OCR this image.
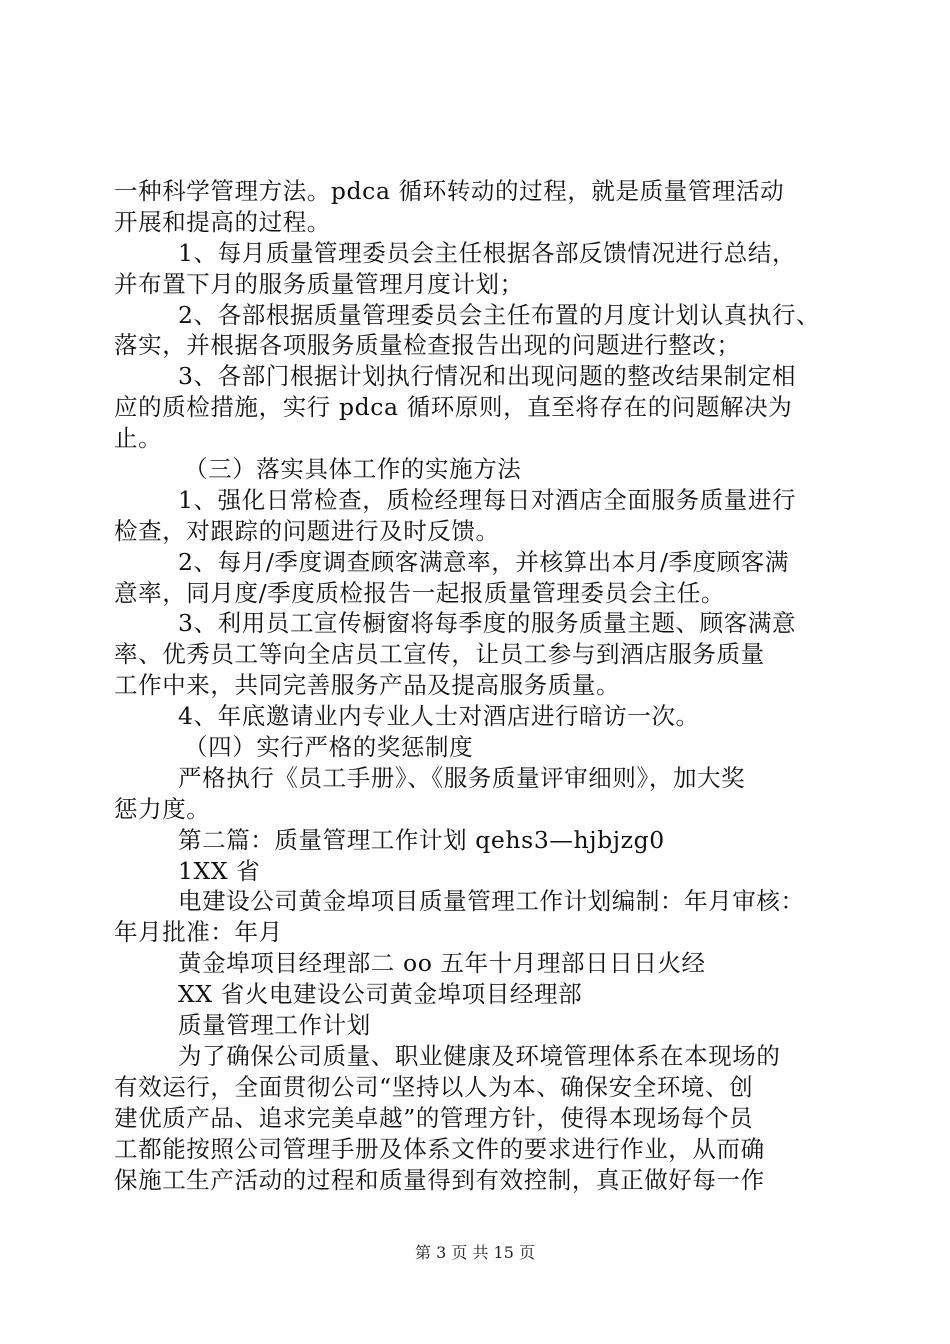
一种科学管理方法。pdca 循环转动的过程，就是质量管理活动
开展和提高的过程。
1、每月质量管理委员会主任根据各部反馈情况进行总结，
并布置下月的服务质量管理月度计划；
2、各部根据质量管理委员会主任布置的月度计划认真执行、
落实，并根据各项服务质量检查报告出现的问题进行整改；
3、各部门根据计划执行情况和出现问题的整改结果制定相
应的质检措施，实行 pdca 循环原则，直至将存在的问题解决为
止。
（三）落实具体工作的实施方法
1、强化日常检查，质检经理每日对酒店全面服务质量进行
检查，对跟踪的问题进行及时反馈。
2、每月/季度调查顾客满意率，并核算出本月/季度顾客满
意率，同月度/季度质检报告一起报质量管理委员会主任。
3、利用员工宣传橱窗将每季度的服务质量主题、顾客满意
率、优秀员工等向全店员工宣传，让员工参与到酒店服务质量
工作中来，共同完善服务产品及提高服务质量。
4、年底邀请业内专业人士对酒店进行暗访一次。
（四）实行严格的奖惩制度
严格执行《员工手册》、《服务质量评审细则》，加大奖
惩力度。
第二篇：质量管理工作计划 qehs3—hjbjzg0
1XX 省
电建设公司黄金埠项目质量管理工作计划编制：年月审核：
年月批准：年月
黄金埠项目经理部二 oo 五年十月理部日日日火经
XX 省火电建设公司黄金埠项目经理部
质量管理工作计划
为了确保公司质量、职业健康及环境管理体系在本现场的
有效运行，全面贯彻公司“坚持以人为本、确保安全环境、创
建优质产品、追求完美卓越”的管理方针，使得本现场每个员
工都能按照公司管理手册及体系文件的要求进行作业，从而确
保施工生产活动的过程和质量得到有效控制，真正做好每一作
第 3 页 共 15 页
